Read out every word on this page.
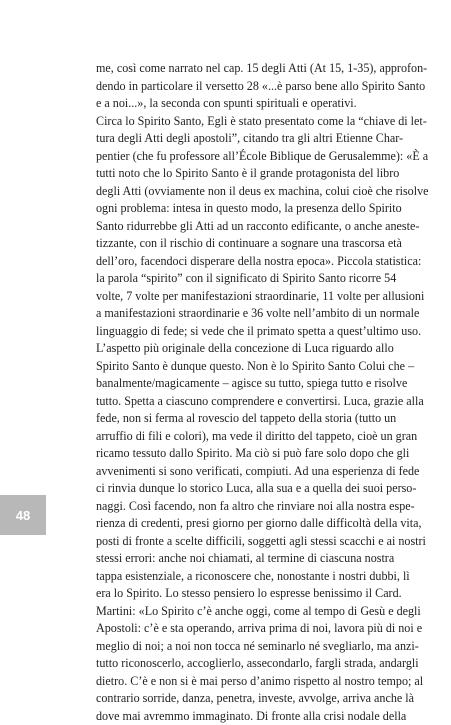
me, così come narrato nel cap. 15 degli Atti (At 15, 1-35), approfon-
dendo in particolare il versetto 28 «...è parso bene allo Spirito Santo
e a noi...», la seconda con spunti spirituali e operativi.
Circa lo Spirito Santo, Egli è stato presentato come la “chiave di let-
tura degli Atti degli apostoli”, citando tra gli altri Etienne Char-
pentier (che fu professore all’École Biblique de Gerusalemme): «È a
tutti noto che lo Spirito Santo è il grande protagonista del libro
degli Atti (ovviamente non il deus ex machina, colui cioè che risolve
ogni problema: intesa in questo modo, la presenza dello Spirito
Santo ridurrebbe gli Atti ad un racconto edificante, o anche aneste-
tizzante, con il rischio di continuare a sognare una trascorsa età
dell’oro, facendoci disperare della nostra epoca». Piccola statistica:
la parola “spirito” con il significato di Spirito Santo ricorre 54
volte, 7 volte per manifestazioni straordinarie, 11 volte per allusioni
a manifestazioni straordinarie e 36 volte nell’ambito di un normale
linguaggio di fede; si vede che il primato spetta a quest’ultimo uso.
L’aspetto più originale della concezione di Luca riguardo allo
Spirito Santo è dunque questo. Non è lo Spirito Santo Colui che –
banalmente/magicamente – agisce su tutto, spiega tutto e risolve
tutto. Spetta a ciascuno comprendere e convertirsi. Luca, grazie alla
fede, non si ferma al rovescio del tappeto della storia (tutto un
arruffio di fili e colori), ma vede il diritto del tappeto, cioè un gran
ricamo tessuto dallo Spirito. Ma ciò si può fare solo dopo che gli
avvenimenti si sono verificati, compiuti. Ad una esperienza di fede
ci rinvia dunque lo storico Luca, alla sua e a quella dei suoi perso-
naggi. Così facendo, non fa altro che rinviare noi alla nostra espe-
rienza di credenti, presi giorno per giorno dalle difficoltà della vita,
posti di fronte a scelte difficili, soggetti agli stessi scacchi e ai nostri
stessi errori: anche noi chiamati, al termine di ciascuna nostra
tappa esistenziale, a riconoscere che, nonostante i nostri dubbi, lì
era lo Spirito. Lo stesso pensiero lo espresse benissimo il Card.
Martini: «Lo Spirito c’è anche oggi, come al tempo di Gesù e degli
Apostoli: c’è e sta operando, arriva prima di noi, lavora più di noi e
meglio di noi; a noi non tocca né seminarlo né svegliarlo, ma anzi-
tutto riconoscerlo, accoglierlo, assecondarlo, fargli strada, andargli
dietro. C’è e non si è mai perso d’animo rispetto al nostro tempo; al
contrario sorride, danza, penetra, investe, avvolge, arriva anche là
dove mai avremmo immaginato. Di fronte alla crisi nodale della
48
